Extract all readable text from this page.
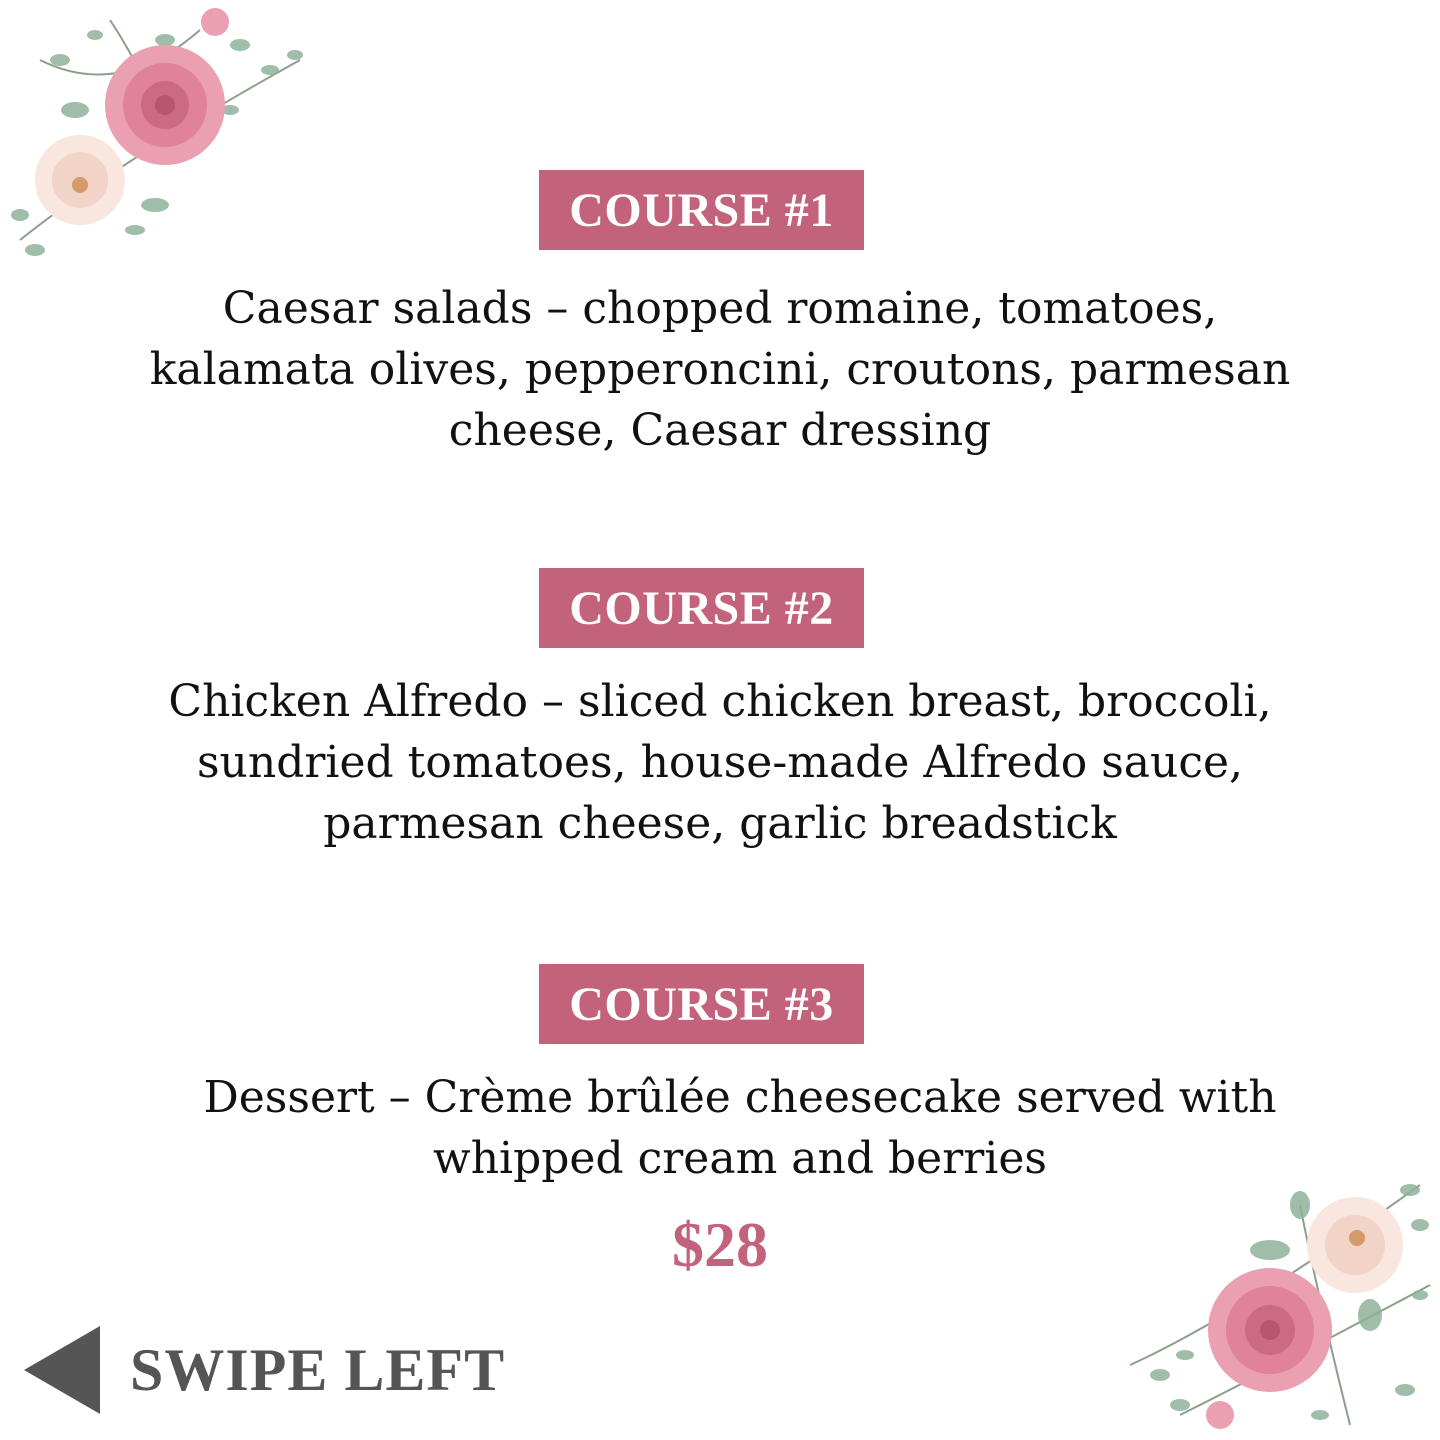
COURSE #1
Caesar salads – chopped romaine, tomatoes,
kalamata olives, pepperoncini, croutons, parmesan
cheese, Caesar dressing
COURSE #2
Chicken Alfredo – sliced chicken breast, broccoli,
sundried tomatoes, house-made Alfredo sauce,
parmesan cheese, garlic breadstick
COURSE #3
Dessert – Crème brûlée cheesecake served with
whipped cream and berries
$28
SWIPE LEFT
